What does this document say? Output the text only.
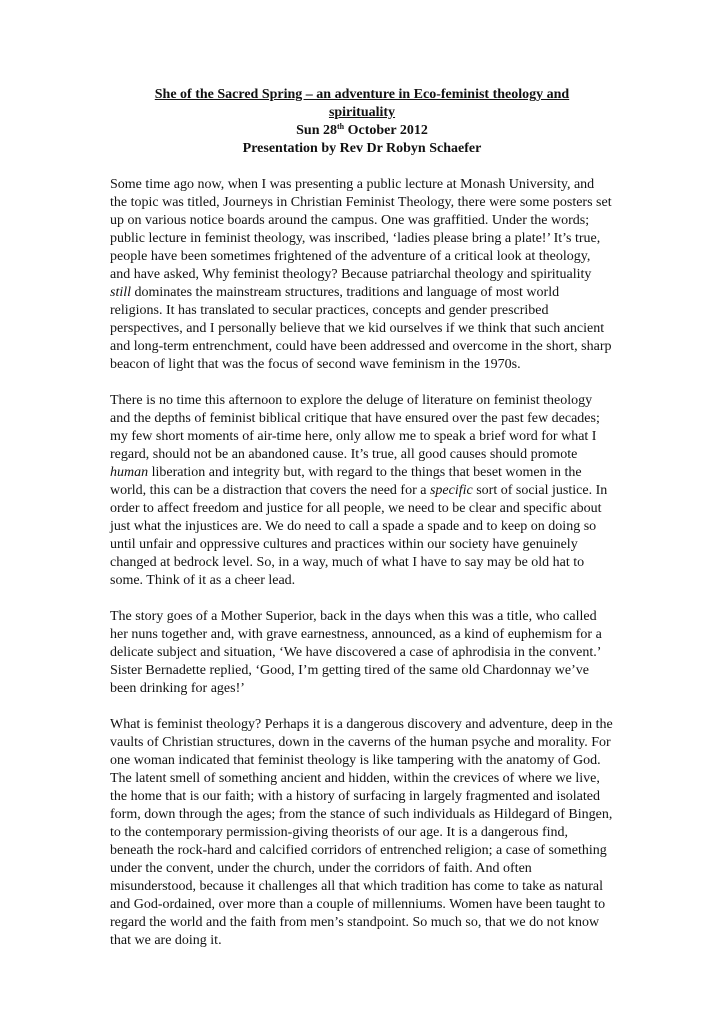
She of the Sacred Spring – an adventure in Eco-feminist theology and spirituality
Sun 28th October 2012
Presentation by Rev Dr Robyn Schaefer

Some time ago now, when I was presenting a public lecture at Monash University, and the topic was titled, Journeys in Christian Feminist Theology, there were some posters set up on various notice boards around the campus. One was graffitied. Under the words; public lecture in feminist theology, was inscribed, ‘ladies please bring a plate!’ It’s true, people have been sometimes frightened of the adventure of a critical look at theology, and have asked, Why feminist theology? Because patriarchal theology and spirituality still dominates the mainstream structures, traditions and language of most world religions. It has translated to secular practices, concepts and gender prescribed perspectives, and I personally believe that we kid ourselves if we think that such ancient and long-term entrenchment, could have been addressed and overcome in the short, sharp beacon of light that was the focus of second wave feminism in the 1970s.

There is no time this afternoon to explore the deluge of literature on feminist theology and the depths of feminist biblical critique that have ensured over the past few decades; my few short moments of air-time here, only allow me to speak a brief word for what I regard, should not be an abandoned cause. It’s true, all good causes should promote human liberation and integrity but, with regard to the things that beset women in the world, this can be a distraction that covers the need for a specific sort of social justice. In order to affect freedom and justice for all people, we need to be clear and specific about just what the injustices are. We do need to call a spade a spade and to keep on doing so until unfair and oppressive cultures and practices within our society have genuinely changed at bedrock level. So, in a way, much of what I have to say may be old hat to some. Think of it as a cheer lead.

The story goes of a Mother Superior, back in the days when this was a title, who called her nuns together and, with grave earnestness, announced, as a kind of euphemism for a delicate subject and situation, ‘We have discovered a case of aphrodisia in the convent.’ Sister Bernadette replied, ‘Good, I’m getting tired of the same old Chardonnay we’ve been drinking for ages!’

What is feminist theology? Perhaps it is a dangerous discovery and adventure, deep in the vaults of Christian structures, down in the caverns of the human psyche and morality. For one woman indicated that feminist theology is like tampering with the anatomy of God. The latent smell of something ancient and hidden, within the crevices of where we live, the home that is our faith; with a history of surfacing in largely fragmented and isolated form, down through the ages; from the stance of such individuals as Hildegard of Bingen, to the contemporary permission-giving theorists of our age. It is a dangerous find, beneath the rock-hard and calcified corridors of entrenched religion; a case of something under the convent, under the church, under the corridors of faith. And often misunderstood, because it challenges all that which tradition has come to take as natural and God-ordained, over more than a couple of millenniums. Women have been taught to regard the world and the faith from men’s standpoint. So much so, that we do not know that we are doing it.
